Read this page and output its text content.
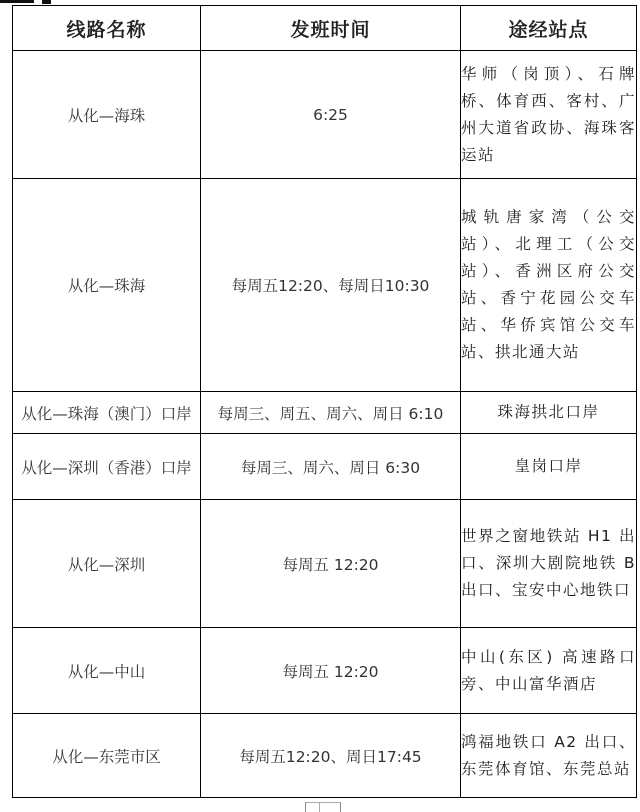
线路名称	发班时间	途经站点
从化—海珠	6:25	华师（岗顶）、石牌桥、体育西、客村、广州大道省政协、海珠客运站
从化—珠海	每周五12:20、每周日10:30	城轨唐家湾（公交站）、北理工（公交站）、香洲区府公交站、香宁花园公交车站、华侨宾馆公交车站、拱北通大站
从化—珠海（澳门）口岸	每周三、周五、周六、周日 6:10	珠海拱北口岸
从化—深圳（香港）口岸	每周三、周六、周日 6:30	皇岗口岸
从化—深圳	每周五 12:20	世界之窗地铁站 H1 出口、深圳大剧院地铁 B 出口、宝安中心地铁口
从化—中山	每周五 12:20	中山(东区) 高速路口旁、中山富华酒店
从化—东莞市区	每周五12:20、周日17:45	鸿福地铁口 A2 出口、东莞体育馆、东莞总站
